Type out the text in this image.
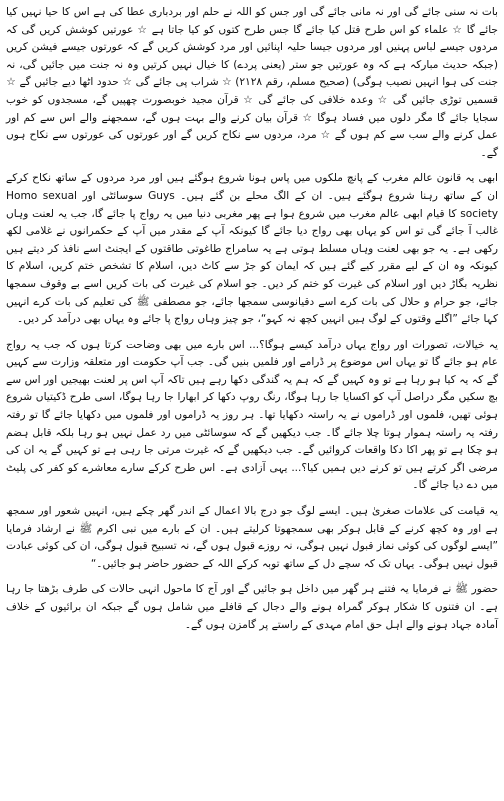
بات نہ سنی جائے گی اور نہ مانی جائے گی اور جس کو اللہ نے حلم اور بردباری عطا کی ہے اس کا حیا نہیں کیا جائے گا ☆ علماء کو اس طرح قتل کیا جائے گا جس طرح کتوں کو کیا جاتا ہے ☆ عورتیں کوشش کریں گی کہ مردوں جیسے لباس پہنیں اور مردوں جیسا حلیہ اپنائیں اور مرد کوشش کریں گے کہ عورتوں جیسے فیشن کریں (جبکہ حدیث مبارکہ ہے کہ وہ عورتیں جو ستر (یعنی پردے) کا خیال نہیں کرتیں وہ نہ جنت میں جائیں گی، نہ جنت کی ہوا انہیں نصیب ہوگی) (صحیح مسلم، رقم ۲۱۲۸) ☆ شراب پی جائے گی ☆ حدود اٹھا دیے جائیں گے ☆ قسمیں توڑی جائیں گی ☆ وعدہ خلافی کی جائے گی ☆ قرآن مجید خوبصورت چھپیں گے، مسجدوں کو خوب سجایا جائے گا مگر دلوں میں فساد ہوگا ☆ قرآن بیان کرنے والے بہت ہوں گے، سمجھنے والے اس سے کم اور عمل کرنے والے سب سے کم ہوں گے ☆ مرد، مردوں سے نکاح کریں گے اور عورتوں کی عورتوں سے نکاح ہوں گے۔

ابھی یہ قانون عالم مغرب کے پانچ ملکوں میں پاس ہونا شروع ہوگئے ہیں اور مرد مردوں کے ساتھ نکاح کرکے ان کے ساتھ رہنا شروع ہوگئے ہیں۔ ان کے الگ محلے بن گئے ہیں۔ Guys سوسائٹی اور Homo sexual society کا قیام ابھی عالم مغرب میں شروع ہوا ہے پھر مغربی دنیا میں یہ رواج پا جائے گا، جب یہ لعنت وہاں غالب آ جائے گی تو اس کو یہاں بھی رواج دیا جائے گا کیونکہ آپ کے مقدر میں آپ کے حکمرانوں نے غلامی لکھ رکھی ہے۔ یہ جو بھی لعنت وہاں مسلط ہوتی ہے یہ سامراج طاغوتی طاقتوں کے ایجنٹ اسے نافذ کر دیتے ہیں کیونکہ وہ ان کے لیے مقرر کیے گئے ہیں کہ ایمان کو جڑ سے کاٹ دیں، اسلام کا تشخص ختم کریں، اسلام کا نظریہ بگاڑ دیں اور اسلام کی غیرت کو ختم کر دیں۔ جو اسلام کی غیرت کی بات کریں اسے بے وقوف سمجھا جائے، جو حرام و حلال کی بات کرے اسے دقیانوسی سمجھا جائے، جو مصطفی ﷺ کی تعلیم کی بات کرے انہیں کہا جائے ”اگلے وقتوں کے لوگ ہیں انہیں کچھ نہ کہو“، جو چیز وہاں رواج پا جائے وہ یہاں بھی درآمد کر دیں۔

یہ خیالات، تصورات اور رواج یہاں درآمد کیسے ہوگا؟... اس بارے میں بھی وضاحت کرتا ہوں کہ جب یہ رواج عام ہو جائے گا تو یہاں اس موضوع پر ڈرامے اور فلمیں بنیں گی۔ جب آپ حکومت اور متعلقہ وزارت سے کہیں گے کہ یہ کیا ہو رہا ہے تو وہ کہیں گے کہ ہم یہ گندگی دکھا رہے ہیں تاکہ آپ اس پر لعنت بھیجیں اور اس سے بچ سکیں مگر دراصل آپ کو اکسایا جا رہا ہوگا، رنگ روپ دکھا کر ابھارا جا رہا ہوگا، اسی طرح ڈکیتیاں شروع ہوئی تھیں، فلموں اور ڈراموں نے یہ راستہ دکھایا تھا۔ ہر روز یہ ڈراموں اور فلموں میں دکھایا جائے گا تو رفتہ رفتہ یہ راستہ ہموار ہوتا چلا جائے گا۔ جب دیکھیں گے کہ سوسائٹی میں رد عمل نہیں ہو رہا بلکہ قابل ہضم ہو چکا ہے تو پھر اکا دکا واقعات کروائیں گے۔ جب دیکھیں گے کہ غیرت مرتی جا رہی ہے تو کہیں گے یہ ان کی مرضی اگر کرتے ہیں تو کرنے دیں ہمیں کیا؟... یہی آزادی ہے۔ اس طرح کرکے سارے معاشرے کو کفر کی پلیٹ میں دے دیا جائے گا۔

یہ قیامت کی علامات صغریٰ ہیں۔ ایسے لوگ جو درج بالا اعمال کے اندر گھر چکے ہیں، انہیں شعور اور سمجھ ہے اور وہ کچھ کرنے کے قابل ہوکر بھی سمجھوتا کرلیتے ہیں۔ ان کے بارے میں نبی اکرم ﷺ نے ارشاد فرمایا ”ایسے لوگوں کی کوئی نماز قبول نہیں ہوگی، نہ روزے قبول ہوں گے، نہ تسبیح قبول ہوگی، ان کی کوئی عبادت قبول نہیں ہوگی۔ یہاں تک کہ سچے دل کے ساتھ توبہ کرکے اللہ کے حضور حاضر ہو جائیں۔“

حضور ﷺ نے فرمایا یہ فتنے ہر گھر میں داخل ہو جائیں گے اور آج کا ماحول انہی حالات کی طرف بڑھتا جا رہا ہے۔ ان فتنوں کا شکار ہوکر گمراہ ہونے والے دجال کے قافلے میں شامل ہوں گے جبکہ ان برائیوں کے خلاف آمادہ جہاد ہونے والے اہل حق امام مہدی کے راستے پر گامزن ہوں گے۔
